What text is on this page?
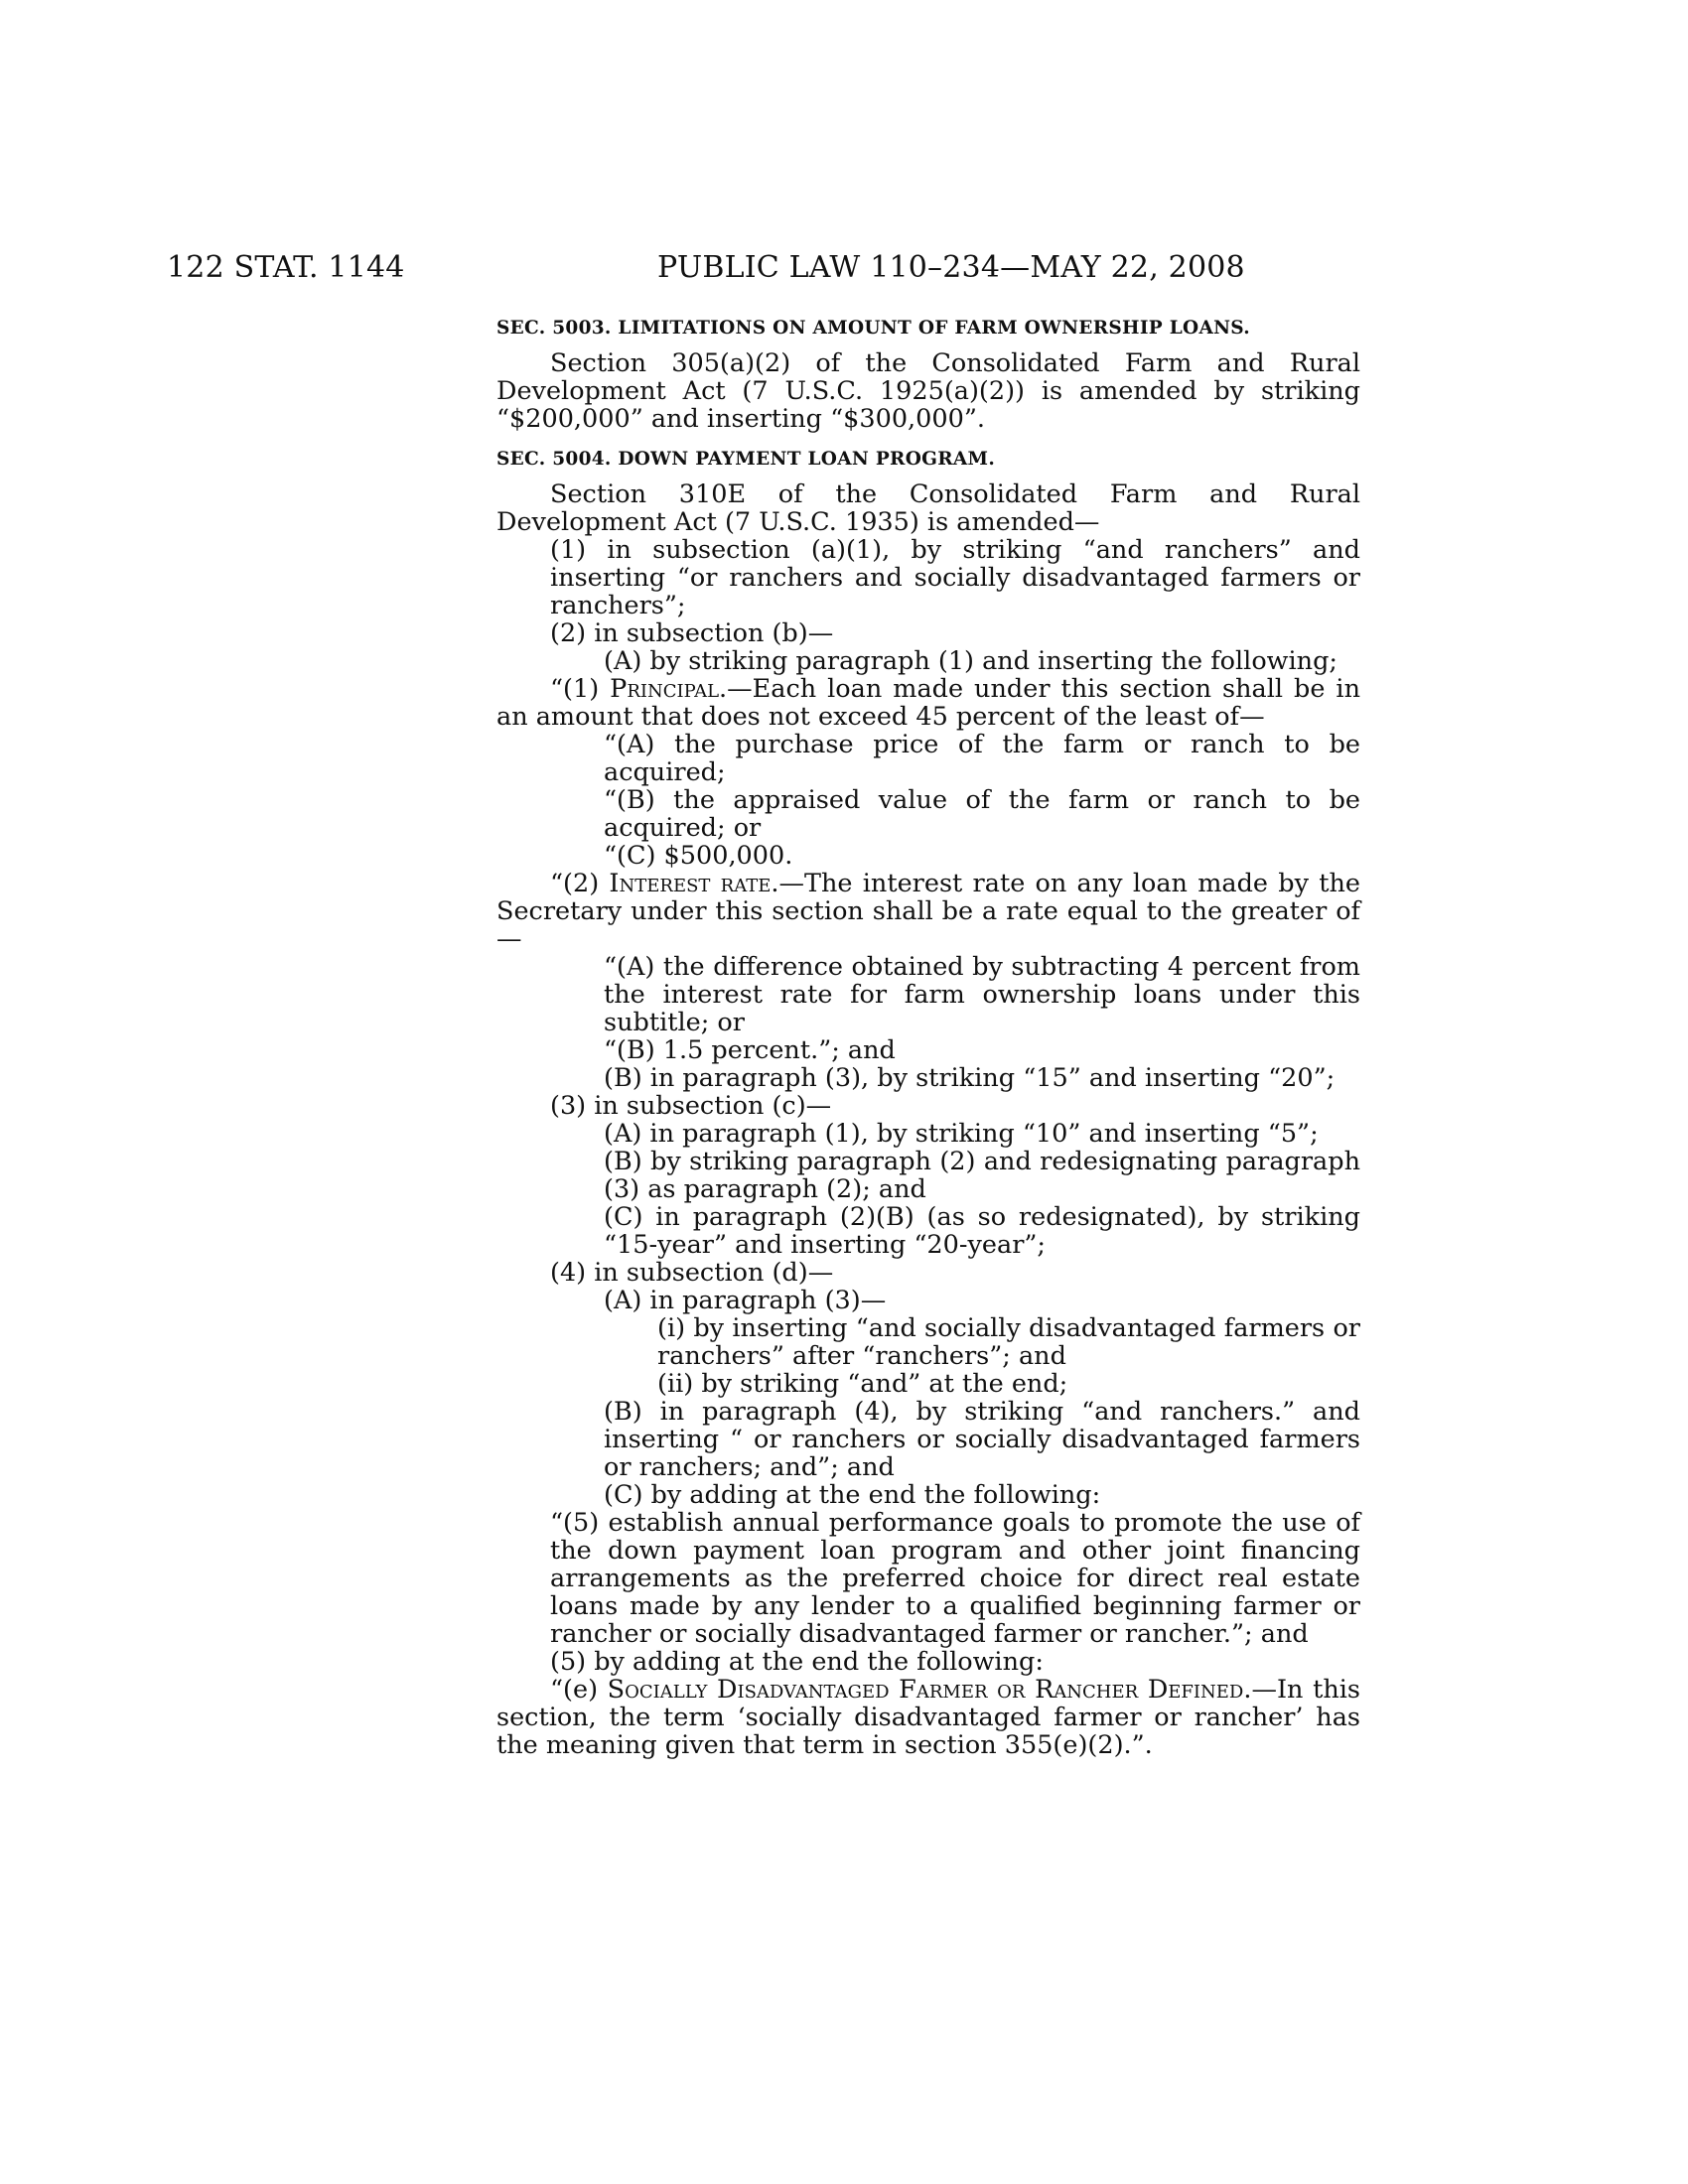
122 STAT. 1144	PUBLIC LAW 110–234—MAY 22, 2008
SEC. 5003. LIMITATIONS ON AMOUNT OF FARM OWNERSHIP LOANS.

Section 305(a)(2) of the Consolidated Farm and Rural Development Act (7 U.S.C. 1925(a)(2)) is amended by striking “$200,000” and inserting “$300,000”.

SEC. 5004. DOWN PAYMENT LOAN PROGRAM.

Section 310E of the Consolidated Farm and Rural Development Act (7 U.S.C. 1935) is amended—

(1) in subsection (a)(1), by striking “and ranchers” and inserting “or ranchers and socially disadvantaged farmers or ranchers”;

(2) in subsection (b)—

(A) by striking paragraph (1) and inserting the following;

“(1) Principal.—Each loan made under this section shall be in an amount that does not exceed 45 percent of the least of—

“(A) the purchase price of the farm or ranch to be acquired;

“(B) the appraised value of the farm or ranch to be acquired; or

“(C) $500,000.

“(2) Interest rate.—The interest rate on any loan made by the Secretary under this section shall be a rate equal to the greater of—

“(A) the difference obtained by subtracting 4 percent from the interest rate for farm ownership loans under this subtitle; or

“(B) 1.5 percent.”; and

(B) in paragraph (3), by striking “15” and inserting “20”;

(3) in subsection (c)—

(A) in paragraph (1), by striking “10” and inserting “5”;

(B) by striking paragraph (2) and redesignating paragraph (3) as paragraph (2); and

(C) in paragraph (2)(B) (as so redesignated), by striking “15-year” and inserting “20-year”;

(4) in subsection (d)—

(A) in paragraph (3)—

(i) by inserting “and socially disadvantaged farmers or ranchers” after “ranchers”; and

(ii) by striking “and” at the end;

(B) in paragraph (4), by striking “and ranchers.” and inserting “ or ranchers or socially disadvantaged farmers or ranchers; and”; and

(C) by adding at the end the following:

“(5) establish annual performance goals to promote the use of the down payment loan program and other joint financing arrangements as the preferred choice for direct real estate loans made by any lender to a qualified beginning farmer or rancher or socially disadvantaged farmer or rancher.”; and

(5) by adding at the end the following:

“(e) Socially Disadvantaged Farmer or Rancher Defined.—In this section, the term ‘socially disadvantaged farmer or rancher’ has the meaning given that term in section 355(e)(2).”.
